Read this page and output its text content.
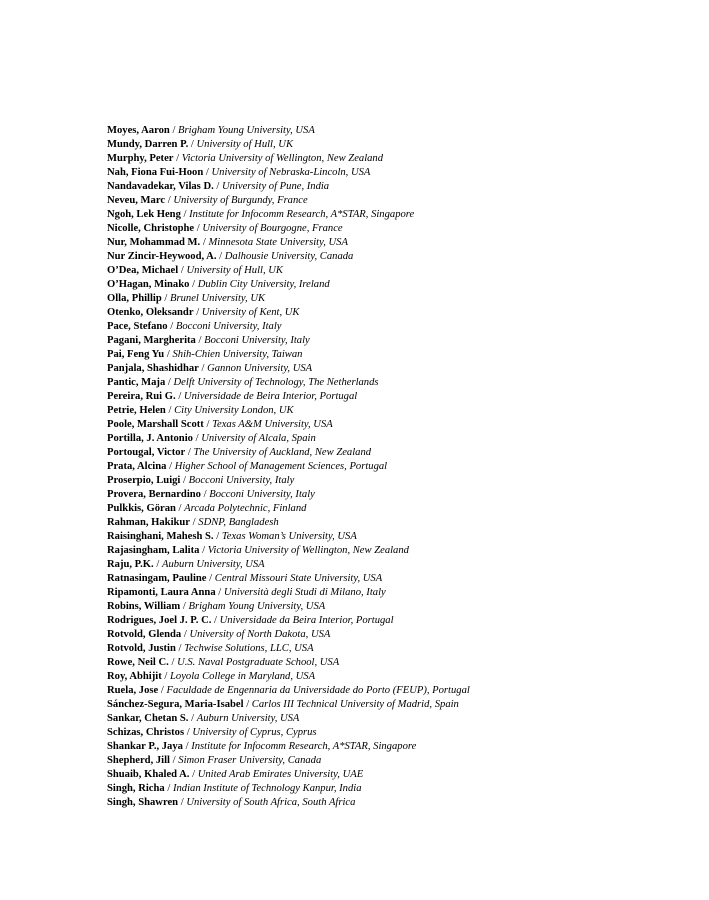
Moyes, Aaron / Brigham Young University, USA
Mundy, Darren P. / University of Hull, UK
Murphy, Peter / Victoria University of Wellington, New Zealand
Nah, Fiona Fui-Hoon / University of Nebraska-Lincoln, USA
Nandavadekar, Vilas D. / University of Pune, India
Neveu, Marc / University of Burgundy, France
Ngoh, Lek Heng / Institute for Infocomm Research, A*STAR, Singapore
Nicolle, Christophe / University of Bourgogne, France
Nur, Mohammad M. / Minnesota State University, USA
Nur Zincir-Heywood, A. / Dalhousie University, Canada
O’Dea, Michael / University of Hull, UK
O’Hagan, Minako / Dublin City University, Ireland
Olla, Phillip / Brunel University, UK
Otenko, Oleksandr / University of Kent, UK
Pace, Stefano / Bocconi University, Italy
Pagani, Margherita / Bocconi University, Italy
Pai, Feng Yu / Shih-Chien University, Taiwan
Panjala, Shashidhar / Gannon University, USA
Pantic, Maja / Delft University of Technology, The Netherlands
Pereira, Rui G. / Universidade de Beira Interior, Portugal
Petrie, Helen / City University London, UK
Poole, Marshall Scott / Texas A&M University, USA
Portilla, J. Antonio / University of Alcala, Spain
Portougal, Victor / The University of Auckland, New Zealand
Prata, Alcina / Higher School of Management Sciences, Portugal
Proserpio, Luigi / Bocconi University, Italy
Provera, Bernardino / Bocconi University, Italy
Pulkkis, Göran / Arcada Polytechnic, Finland
Rahman, Hakikur / SDNP, Bangladesh
Raisinghani, Mahesh S. / Texas Woman’s University, USA
Rajasingham, Lalita / Victoria University of Wellington, New Zealand
Raju, P.K. / Auburn University, USA
Ratnasingam, Pauline / Central Missouri State University, USA
Ripamonti, Laura Anna / Università degli Studi di Milano, Italy
Robins, William / Brigham Young University, USA
Rodrigues, Joel J. P. C. / Universidade da Beira Interior, Portugal
Rotvold, Glenda / University of North Dakota, USA
Rotvold, Justin / Techwise Solutions, LLC, USA
Rowe, Neil C. / U.S. Naval Postgraduate School, USA
Roy, Abhijit / Loyola College in Maryland, USA
Ruela, Jose / Faculdade de Engennaria da Universidade do Porto (FEUP), Portugal
Sánchez-Segura, Maria-Isabel / Carlos III Technical University of Madrid, Spain
Sankar, Chetan S. / Auburn University, USA
Schizas, Christos / University of Cyprus, Cyprus
Shankar P., Jaya / Institute for Infocomm Research, A*STAR, Singapore
Shepherd, Jill / Simon Fraser University, Canada
Shuaib, Khaled A. / United Arab Emirates University, UAE
Singh, Richa / Indian Institute of Technology Kanpur, India
Singh, Shawren / University of South Africa, South Africa
